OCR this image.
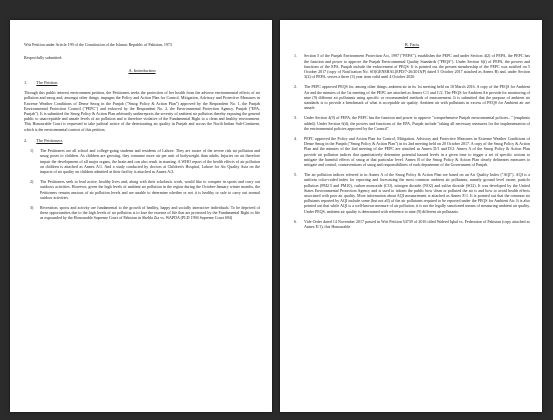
Writ Petition under Article 199 of the Constitution of the Islamic Republic of Pakistan, 1973

Respectfully submitted:

A. Introduction

1. The Petition

Through this public interest environment petition, the Petitioners seeks the protection of her health from the adverse environmental effects of air pollution and smog and, amongst other things, impugns the Policy and Action Plan for Control, Mitigation, Advisory and Protective Measures in Extreme Weather Conditions of Dense Smog in the Punjab ("Smog Policy & Action Plan") approved by the Respondent No. 1, the Punjab Environmental Protection Council ("PEPC") and enforced by the Respondent No. 2, the Environmental Protection Agency, Punjab ("EPA, Punjab"). It is submitted the Smog Policy & Action Plan arbitrarily underreports the severity of ambient air pollution thereby exposing the general public to unacceptable and unsafe levels of air pollution and is therefore violative of the Fundamental Right to a clean and healthy environment. This Honourable Court is requested to take judicial notice of the deteriorating air quality in Punjab and across the North Indian Sub-Continent, which is the environmental context of this petition.

2. The Petitioners

1) The Petitioners are all school and college-going students and residents of Lahore. They are aware of the severe risk air pollution and smog poses to children. As children are growing, they consume more air per unit of bodyweight than adults. Injuries on air therefore impair the development of all major organs, the brain and can also result in stunting. A WHO report of the health effects of air pollution on children is attached as Annex A/1. And a study conducted by doctors at Children's Hospital, Lahore for Air Quality Asia on the impacts of air quality on children admitted at their facility is attached as Annex A/2.
2) The Petitioners seek to lead active, healthy lives and, along with their scholastic work, would like to compete in sports and carry out outdoors activities. However, given the high levels of ambient air pollution in the region during the October-January winter months, the Petitioners remain anxious of air pollution levels and are unable to determine whether or not it is healthy or safe to carry out normal outdoor activities.
3) Recreation, sports and activity are fundamental to the growth of healthy, happy and socially interactive individuals. To be deprived of these opportunities due to the high levels of air pollution is to lose the essence of life that are protected by the Fundamental Right to life as expounded by the Honourable Supreme Court of Pakistan in Shehla Zia vs. WAPDA (PLD 1994 Supreme Court 694)

B. Facts

1. Section 5 of the Punjab Environment Protection Act, 1997 ("PEPA"), establishes the PEPC and under Section 4(2) of PEPA, the PEPC has the function and power to approve the Punjab Environmental Quality Standards ("PEQS"). Under Section 6(f) of PEPA, the powers and functions of the EPA, Punjab include the enforcement of PEQS. It is pointed out the present membership of the PEPC was notified on 5 October 2017 (copy of Notification No. SO(GENERAL)EPD/7-26/2013(P) dated 5 October 2017 attached as Annex B) and, under Section 3(2) of PEPA, serves a three (3) year term valid until 4 October 2020.
2. The PEPC approved PEQS for, among other things, ambient air in its 1st meeting held on 10 March 2016. A copy of the PEQS for Ambient Air and the minutes of the 1st meeting of the PEPC are attached as Annex C/1 and C/2. The PEQS for Ambient Air provide for monitoring of nine (9) different air pollutants using specific or recommended methods of measurement. It is submitted that the purpose of ambient air standards is to provide a benchmark of what is acceptable air quality. Ambient air with pollutants in excess of PEQS for Ambient air are unsafe.
3. Under Section 4(9) of PEPA, the PEPC has the function and power to approve "comprehensive Punjab environmental policies..." (emphasis added). Under Section 6(d), the powers and functions of the EPA, Punjab include "taking all necessary measures for the implementation of the environmental policies approved by the Council".
4. PEPC approved the Policy and Action Plan for Control, Mitigation, Advisory and Protective Measures in Extreme Weather Conditions of Dense Smog in the Punjab ("Smog Policy & Action Plan") in its 2nd meeting held on 20 October 2017. A copy of the Smog Policy & Action Plan and the minutes of the 2nd meeting of the PEPC are attached as Annex D/1 and D/2. Annex A of the Smog Policy & Action Plan provide air pollution indices that quantitatively determine potential hazard levels in a given time to trigger a set of specific actions to mitigate the harmful effects of smog at that particular level. Annex B of the Smog Policy & Action Plan clearly delineates measures to mitigate and control, contraventions of smog and responsibilities of each department of the Government of Punjab.
5. The air pollution indices referred to in Annex A of the Smog Policy & Action Plan are based on an Air Quality Index ("AQI"). AQI is a uniform color-coded index for reporting and forecasting the most common ambient air pollutants, namely ground level ozone, particle pollution (PM2.5 and PM10), carbon monoxide (CO), nitrogen dioxide (NO2) and sulfur dioxide (SO2). It was developed by the United States Environmental Protection Agency and is used to inform the public how clean or polluted the air is and how to avoid health effects associated with poor air quality. More information about AQI measurement is attached as Annex E/1. It is pointed out that the common air pollutants reported by AQI include some (but not all) of the air pollutants required to be reported under the PEQS for Ambient Air. It is also pointed out that while AQI is a well-known measure of air pollution, it is not the legally sanctioned means of measuring ambient air quality. Under PEQS, ambient air quality is determined with reference to nine (9) different air pollutants.
6. Vide Order dated 14 November 2017 passed in Writ Petition 54739 of 2016 titled Waleed Iqbal vs. Federation of Pakistan (copy attached as Annex E/1), this Honourable
